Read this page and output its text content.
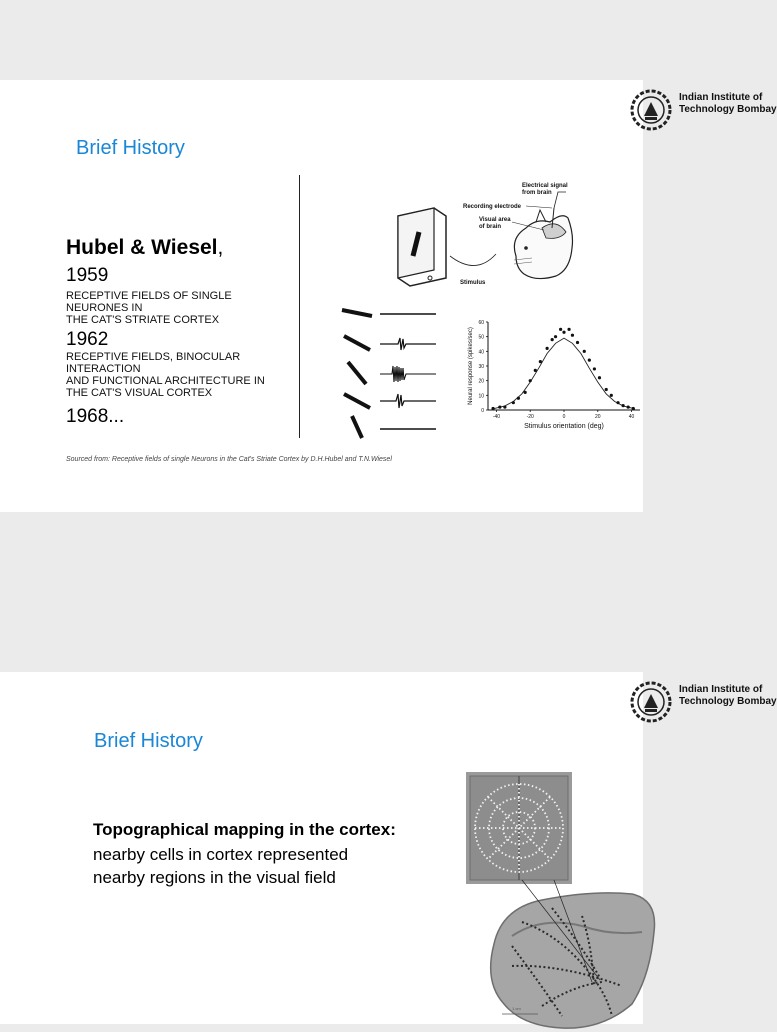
Indian Institute of
Technology Bombay
Brief History
Hubel & Wiesel,
1959
RECEPTIVE FIELDS OF SINGLE
NEURONES IN
THE CAT'S STRIATE CORTEX
1962
RECEPTIVE FIELDS, BINOCULAR
INTERACTION
AND FUNCTIONAL ARCHITECTURE IN
THE CAT'S VISUAL CORTEX
1968...
Electrical signal
from brain
Recording electrode
Visual area
of brain
Stimulus
0
10
20
30
40
50
60
-40	-20	0	20	40
Stimulus orientation (deg)
Neural response (spikes/sec)
Sourced from: Receptive fields of single Neurons in the Cat's Striate Cortex by D.H.Hubel and T.N.Wiesel
Indian Institute of
Technology Bombay
Brief History
Topographical mapping in the cortex:
nearby cells in cortex represented
nearby regions in the visual field
1 cm
